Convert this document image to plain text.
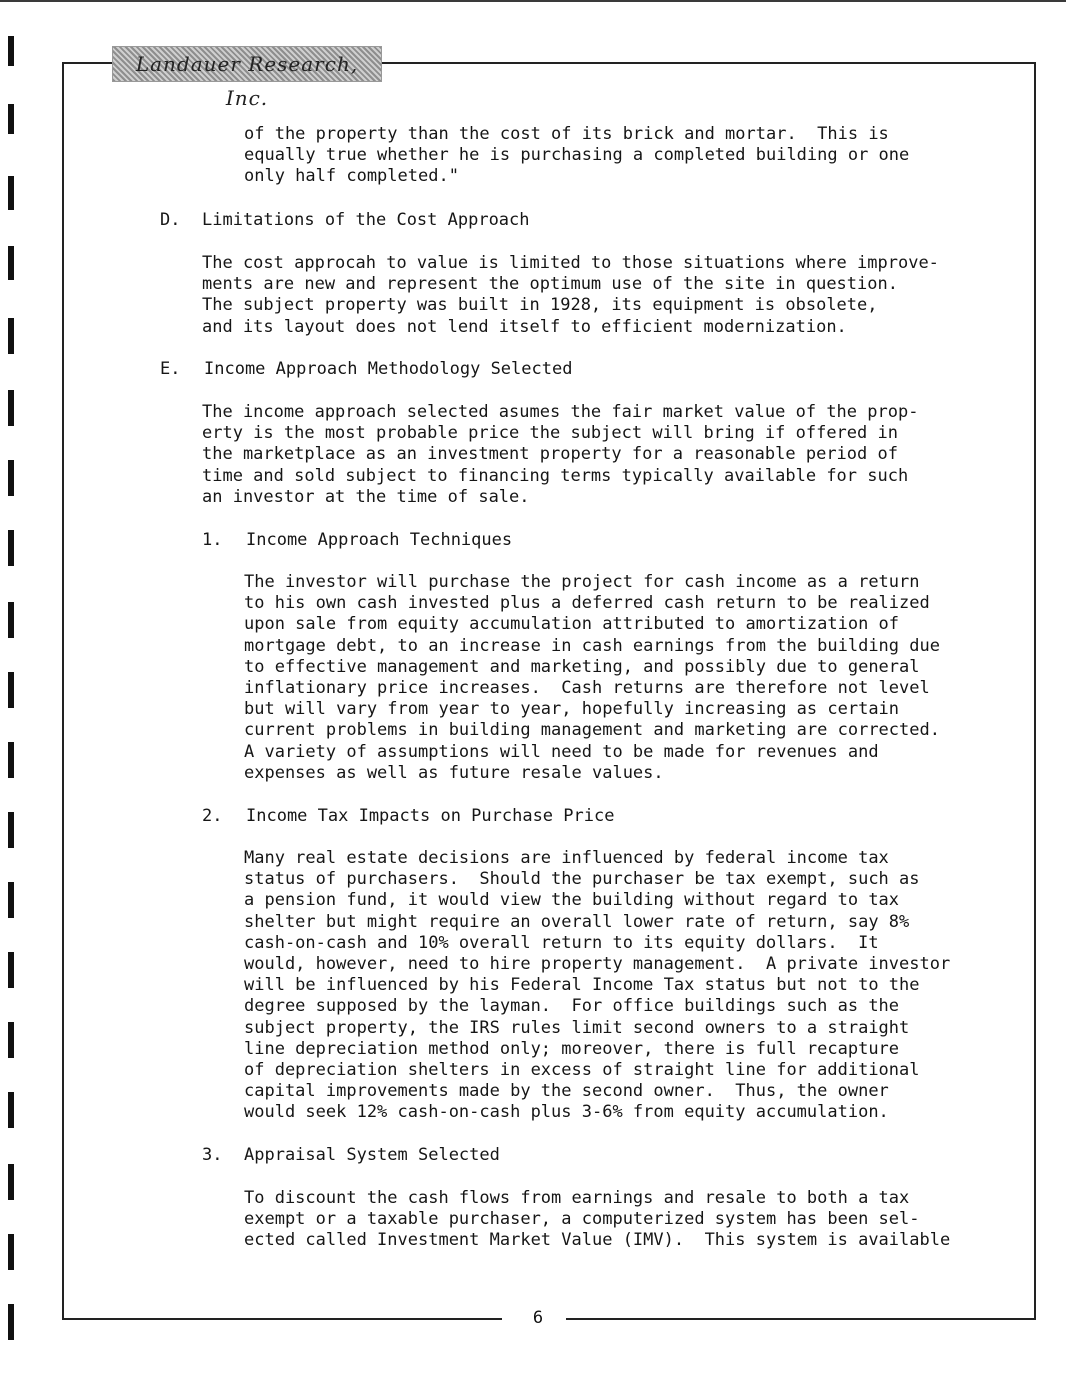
Landauer Research, Inc.

of the property than the cost of its brick and mortar.  This is
equally true whether he is purchasing a completed building or one
only half completed."

D. Limitations of the Cost Approach

The cost approcah to value is limited to those situations where improve-
ments are new and represent the optimum use of the site in question.
The subject property was built in 1928, its equipment is obsolete,
and its layout does not lend itself to efficient modernization.

E. Income Approach Methodology Selected

The income approach selected asumes the fair market value of the prop-
erty is the most probable price the subject will bring if offered in
the marketplace as an investment property for a reasonable period of
time and sold subject to financing terms typically available for such
an investor at the time of sale.

1. Income Approach Techniques

The investor will purchase the project for cash income as a return
to his own cash invested plus a deferred cash return to be realized
upon sale from equity accumulation attributed to amortization of
mortgage debt, to an increase in cash earnings from the building due
to effective management and marketing, and possibly due to general
inflationary price increases.  Cash returns are therefore not level
but will vary from year to year, hopefully increasing as certain
current problems in building management and marketing are corrected.
A variety of assumptions will need to be made for revenues and
expenses as well as future resale values.

2. Income Tax Impacts on Purchase Price

Many real estate decisions are influenced by federal income tax
status of purchasers.  Should the purchaser be tax exempt, such as
a pension fund, it would view the building without regard to tax
shelter but might require an overall lower rate of return, say 8%
cash-on-cash and 10% overall return to its equity dollars.  It
would, however, need to hire property management.  A private investor
will be influenced by his Federal Income Tax status but not to the
degree supposed by the layman.  For office buildings such as the
subject property, the IRS rules limit second owners to a straight
line depreciation method only; moreover, there is full recapture
of depreciation shelters in excess of straight line for additional
capital improvements made by the second owner.  Thus, the owner
would seek 12% cash-on-cash plus 3-6% from equity accumulation.

3. Appraisal System Selected

To discount the cash flows from earnings and resale to both a tax
exempt or a taxable purchaser, a computerized system has been sel-
ected called Investment Market Value (IMV).  This system is available

6
